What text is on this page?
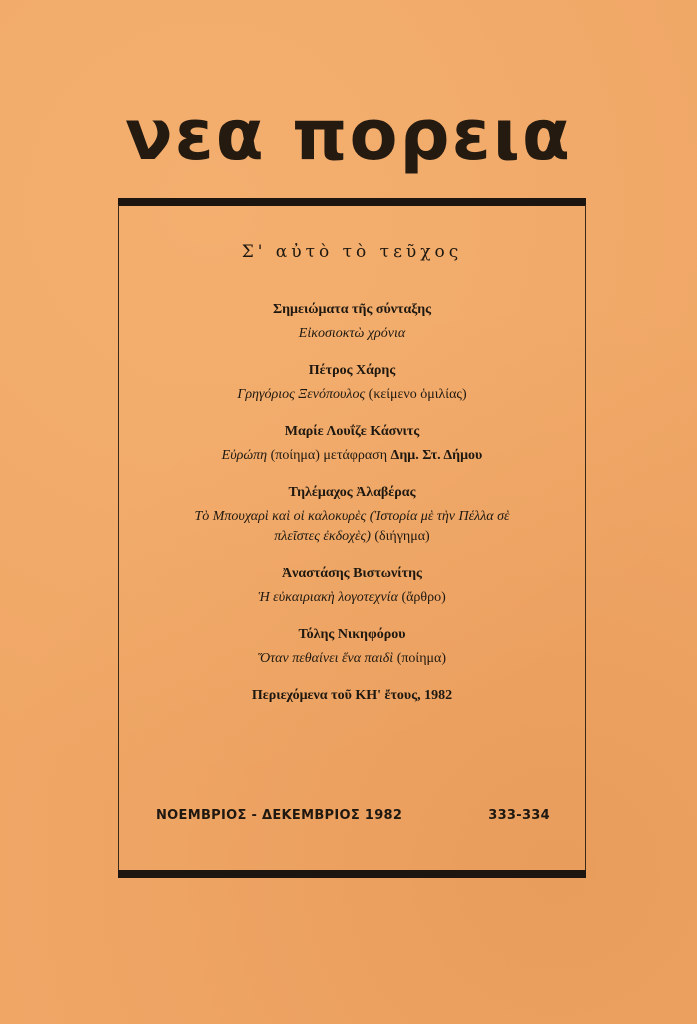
νεα πορεια
Σ' αὐτὸ τὸ τεῦχος
Σημειώματα τῆς σύνταξης
Εἰκοσιοκτὼ χρόνια
Πέτρος Χάρης
Γρηγόριος Ξενόπουλος (κείμενο ὁμιλίας)
Μαρίε Λουΐζε Κάσνιτς
Εὐρώπη (ποίημα) μετάφραση Δημ. Στ. Δήμου
Τηλέμαχος Ἀλαβέρας
Τὸ Μπουχαρὶ καὶ οἱ καλοκυρὲς (Ἱστορία μὲ τὴν Πέλλα σὲ
πλεῖστες ἐκδοχὲς) (διήγημα)
Ἀναστάσης Βιστωνίτης
Ἡ εὐκαιριακὴ λογοτεχνία (ἄρθρο)
Τόλης Νικηφόρου
Ὅταν πεθαίνει ἕνα παιδὶ (ποίημα)
Περιεχόμενα τοῦ ΚΗ' ἔτους, 1982
ΝΟΕΜΒΡΙΟΣ - ΔΕΚΕΜΒΡΙΟΣ 1982	333-334
